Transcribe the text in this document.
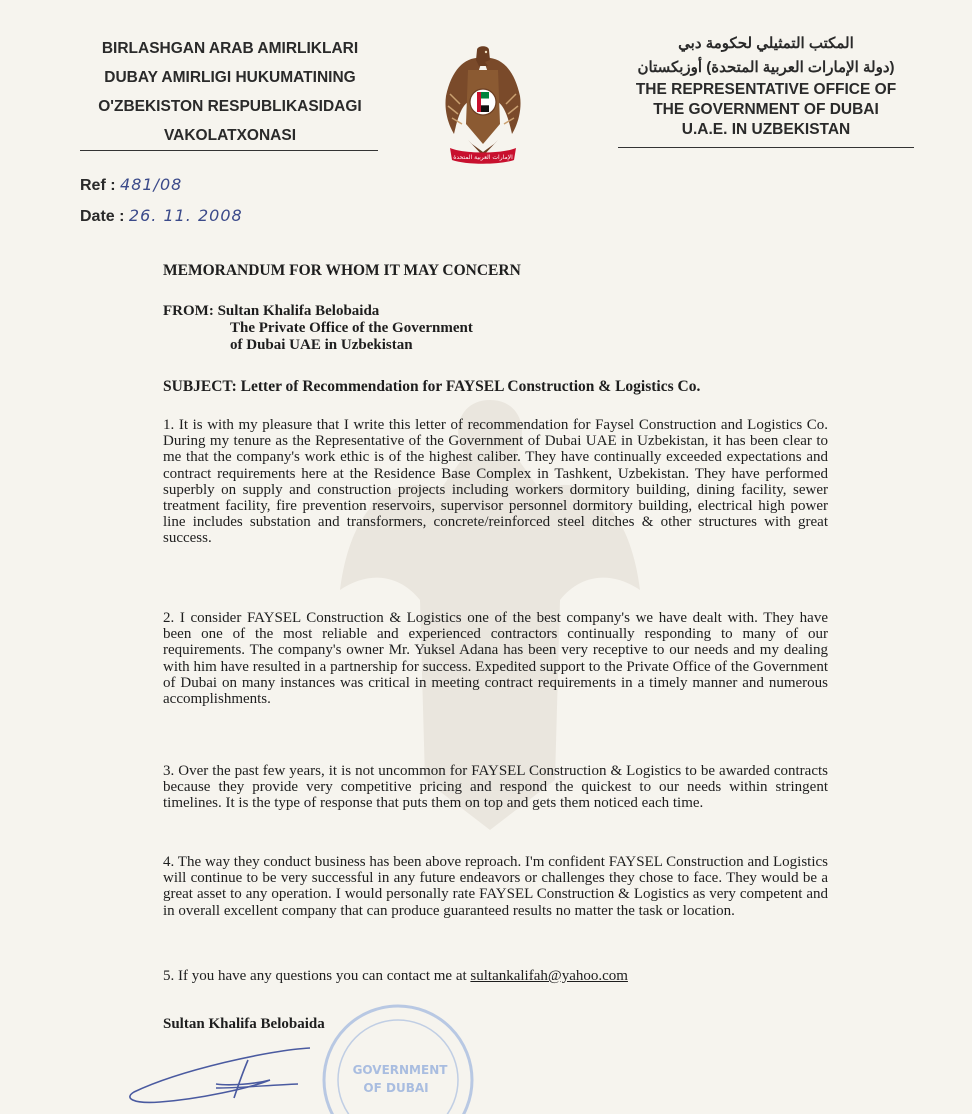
BIRLASHGAN ARAB AMIRLIKLARI
DUBAY AMIRLIGI HUKUMATINING
O'ZBEKISTON RESPUBLIKASIDAGI
VAKOLATXONASI
الإمارات العربية المتحدة
المكتب التمثيلي لحكومة دبي
(دولة الإمارات العربية المتحدة) أوزبكستان
THE REPRESENTATIVE OFFICE OF
THE GOVERNMENT OF DUBAI
U.A.E. IN UZBEKISTAN
Ref : 481/08
Date : 26. 11. 2008
MEMORANDUM FOR WHOM IT MAY CONCERN
FROM: Sultan Khalifa Belobaida
The Private Office of the Government
of Dubai UAE in Uzbekistan
SUBJECT: Letter of Recommendation for FAYSEL Construction & Logistics Co.

1. It is with my pleasure that I write this letter of recommendation for Faysel Construction and Logistics Co. During my tenure as the Representative of the Government of Dubai UAE in Uzbekistan, it has been clear to me that the company's work ethic is of the highest caliber. They have continually exceeded expectations and contract requirements here at the Residence Base Complex in Tashkent, Uzbekistan. They have performed superbly on supply and construction projects including workers dormitory building, dining facility, sewer treatment facility, fire prevention reservoirs, supervisor personnel dormitory building, electrical high power line includes substation and transformers, concrete/reinforced steel ditches & other structures with great success.

2. I consider FAYSEL Construction & Logistics one of the best company's we have dealt with. They have been one of the most reliable and experienced contractors continually responding to many of our requirements. The company's owner Mr. Yuksel Adana has been very receptive to our needs and my dealing with him have resulted in a partnership for success. Expedited support to the Private Office of the Government of Dubai on many instances was critical in meeting contract requirements in a timely manner and numerous accomplishments.

3. Over the past few years, it is not uncommon for FAYSEL Construction & Logistics to be awarded contracts because they provide very competitive pricing and respond the quickest to our needs within stringent timelines. It is the type of response that puts them on top and gets them noticed each time.

4. The way they conduct business has been above reproach. I'm confident FAYSEL Construction and Logistics will continue to be very successful in any future endeavors or challenges they chose to face. They would be a great asset to any operation. I would personally rate FAYSEL Construction & Logistics as very competent and in overall excellent company that can produce guaranteed results no matter the task or location.

5. If you have any questions you can contact me at sultankalifah@yahoo.com
Sultan Khalifa Belobaida
GOVERNMENT
OF DUBAI
